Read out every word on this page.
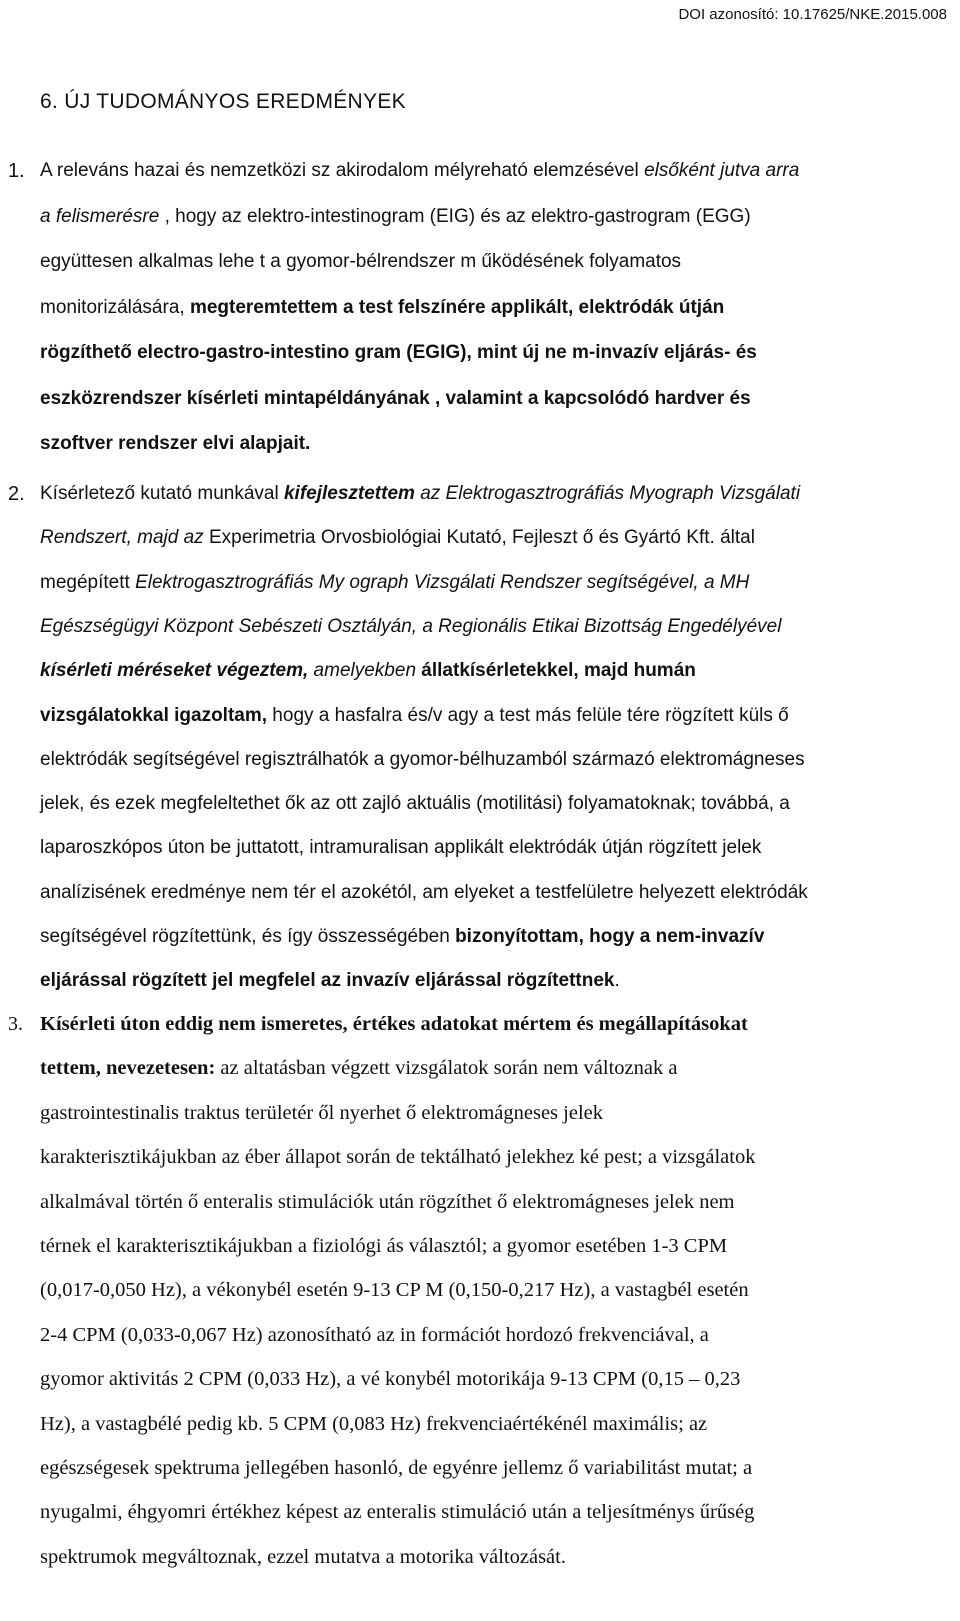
DOI azonosító: 10.17625/NKE.2015.008
6. ÚJ TUDOMÁNYOS EREDMÉNYEK
1. A releváns hazai és nemzetközi sz akirodalom mélyreható elemzésével elsőként jutva arra
a felismerésre , hogy az elektro-intestinogram (EIG) és az elektro-gastrogram (EGG)
együttesen alkalmas lehe t a gyomor-bélrendszer m űködésének folyamatos
monitorizálására, megteremtettem a test felszínére applikált, elektródák útján
rögzíthető electro-gastro-intestino gram (EGIG), mint új ne m-invazív eljárás- és
eszközrendszer kísérleti mintapéldányának , valamint a kapcsolódó hardver és
szoftver rendszer elvi alapjait.
2. Kísérletező kutató munkával kifejlesztettem az Elektrogasztrográfiás Myograph Vizsgálati
Rendszert, majd az Experimetria Orvosbiológiai Kutató, Fejleszt ő és Gyártó Kft. által
megépített Elektrogasztrográfiás My ograph Vizsgálati Rendszer segítségével, a MH
Egészségügyi Központ Sebészeti Osztályán, a Regionális Etikai Bizottság Engedélyével
kísérleti méréseket végeztem, amelyekben állatkísérletekkel, majd humán
vizsgálatokkal igazoltam, hogy a hasfalra és/v agy a test más felüle tére rögzített küls ő
elektródák segítségével regisztrálhatók a gyomor-bélhuzamból származó elektromágneses
jelek, és ezek megfeleltethet ők az ott zajló aktuális (motilitási) folyamatoknak; továbbá, a
laparoszkópos úton be juttatott, intramuralisan applikált elektródák útján rögzített jelek
analízisének eredménye nem tér el azokétól, am elyeket a testfelületre helyezett elektródák
segítségével rögzítettünk, és így összességében bizonyítottam, hogy a nem-invazív
eljárással rögzített jel megfelel az invazív eljárással rögzítettnek.
3. Kísérleti úton eddig nem ismeretes, értékes adatokat mértem és megállapításokat
tettem, nevezetesen: az altatásban végzett vizsgálatok során nem változnak a
gastrointestinalis traktus területér ől nyerhet ő elektromágneses jelek
karakterisztikájukban az éber állapot során de tektálható jelekhez ké pest; a vizsgálatok
alkalmával történ ő enteralis stimulációk után rögzíthet ő elektromágneses jelek nem
térnek el karakterisztikájukban a fiziológi ás választól; a gyomor esetében 1-3 CPM
(0,017-0,050 Hz), a vékonybél esetén 9-13 CP M (0,150-0,217 Hz), a vastagbél esetén
2-4 CPM (0,033-0,067 Hz) azonosítható az in formációt hordozó frekvenciával, a
gyomor aktivitás 2 CPM (0,033 Hz), a vé konybél motorikája 9-13 CPM (0,15 – 0,23
Hz), a vastagbélé pedig kb. 5 CPM (0,083 Hz) frekvenciaértékénél maximális; az
egészségesek spektruma jellegében hasonló, de egyénre jellemz ő variabilitást mutat; a
nyugalmi, éhgyomri értékhez képest az enteralis stimuláció után a teljesítménys űrűség
spektrumok megváltoznak, ezzel mutatva a motorika változását.
